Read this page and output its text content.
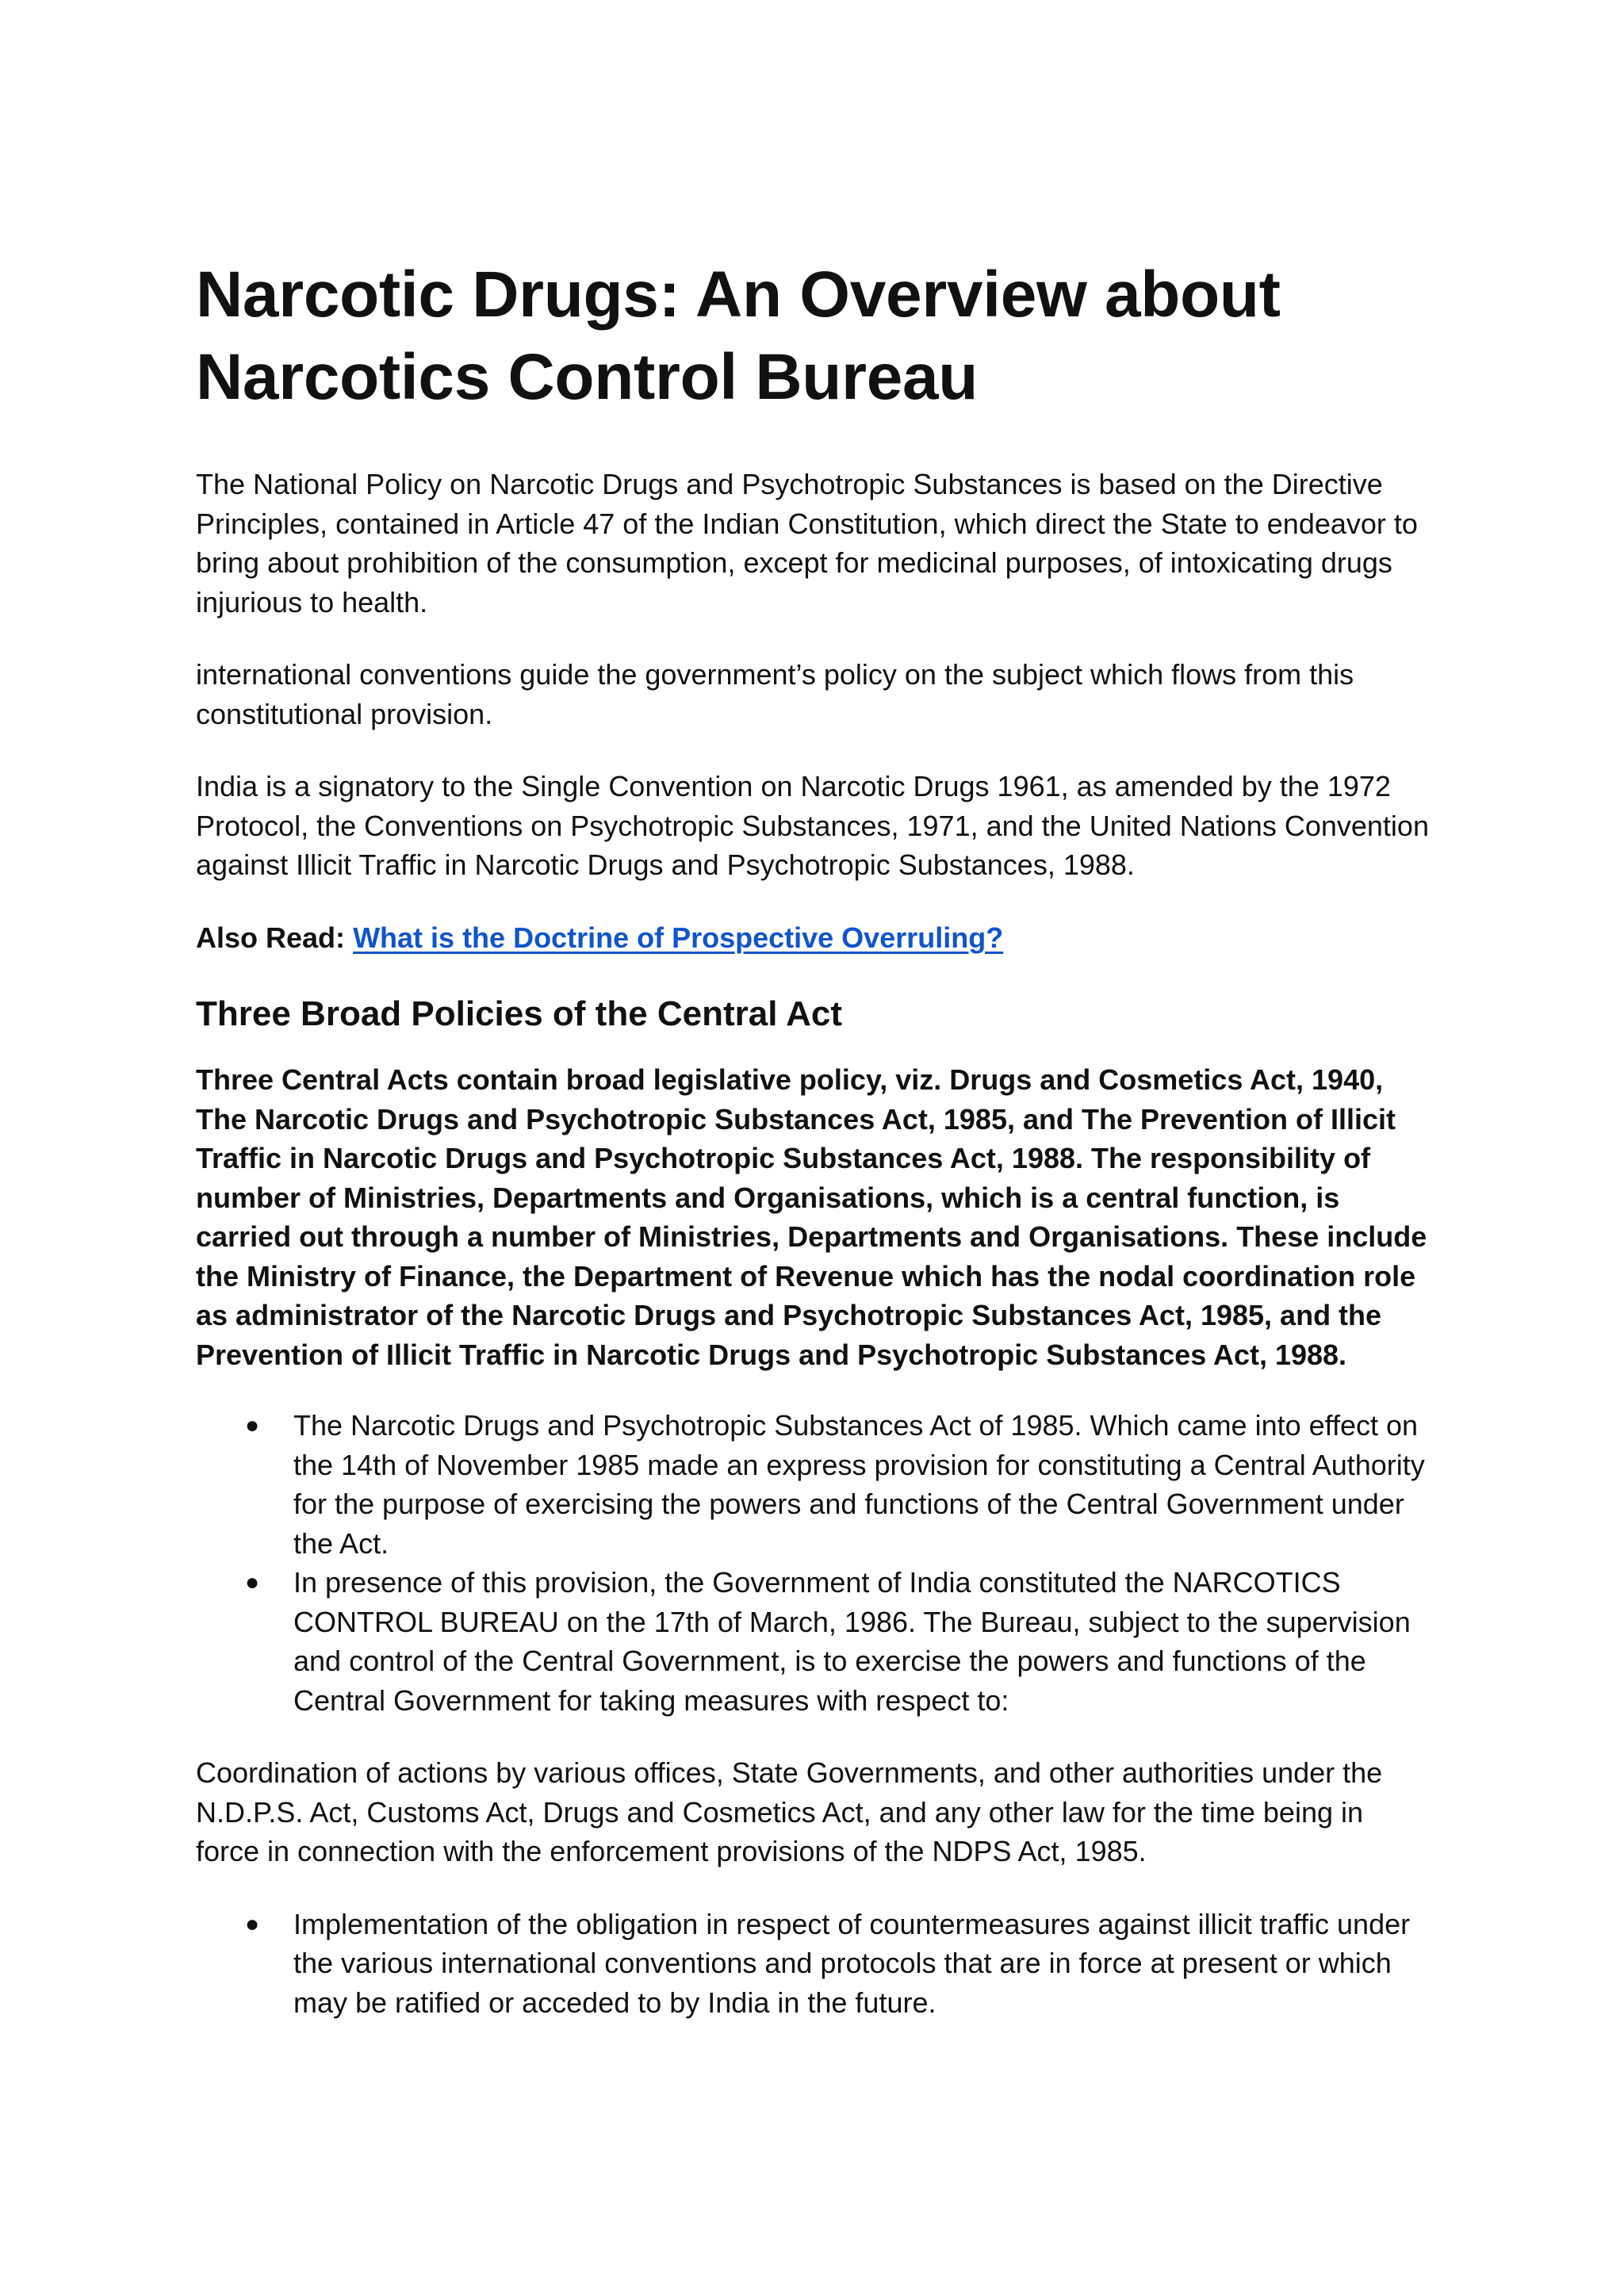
Narcotic Drugs: An Overview about Narcotics Control Bureau

The National Policy on Narcotic Drugs and Psychotropic Substances is based on the Directive Principles, contained in Article 47 of the Indian Constitution, which direct the State to endeavor to bring about prohibition of the consumption, except for medicinal purposes, of intoxicating drugs injurious to health.

international conventions guide the government’s policy on the subject which flows from this constitutional provision.

India is a signatory to the Single Convention on Narcotic Drugs 1961, as amended by the 1972 Protocol, the Conventions on Psychotropic Substances, 1971, and the United Nations Convention against Illicit Traffic in Narcotic Drugs and Psychotropic Substances, 1988.

Also Read: What is the Doctrine of Prospective Overruling?

Three Broad Policies of the Central Act

Three Central Acts contain broad legislative policy, viz. Drugs and Cosmetics Act, 1940, The Narcotic Drugs and Psychotropic Substances Act, 1985, and The Prevention of Illicit Traffic in Narcotic Drugs and Psychotropic Substances Act, 1988. The responsibility of number of Ministries, Departments and Organisations, which is a central function, is carried out through a number of Ministries, Departments and Organisations. These include the Ministry of Finance, the Department of Revenue which has the nodal coordination role as administrator of the Narcotic Drugs and Psychotropic Substances Act, 1985, and the Prevention of Illicit Traffic in Narcotic Drugs and Psychotropic Substances Act, 1988.

● The Narcotic Drugs and Psychotropic Substances Act of 1985. Which came into effect on the 14th of November 1985 made an express provision for constituting a Central Authority for the purpose of exercising the powers and functions of the Central Government under the Act.
● In presence of this provision, the Government of India constituted the NARCOTICS CONTROL BUREAU on the 17th of March, 1986. The Bureau, subject to the supervision and control of the Central Government, is to exercise the powers and functions of the Central Government for taking measures with respect to:

Coordination of actions by various offices, State Governments, and other authorities under the N.D.P.S. Act, Customs Act, Drugs and Cosmetics Act, and any other law for the time being in force in connection with the enforcement provisions of the NDPS Act, 1985.

● Implementation of the obligation in respect of countermeasures against illicit traffic under the various international conventions and protocols that are in force at present or which may be ratified or acceded to by India in the future.
